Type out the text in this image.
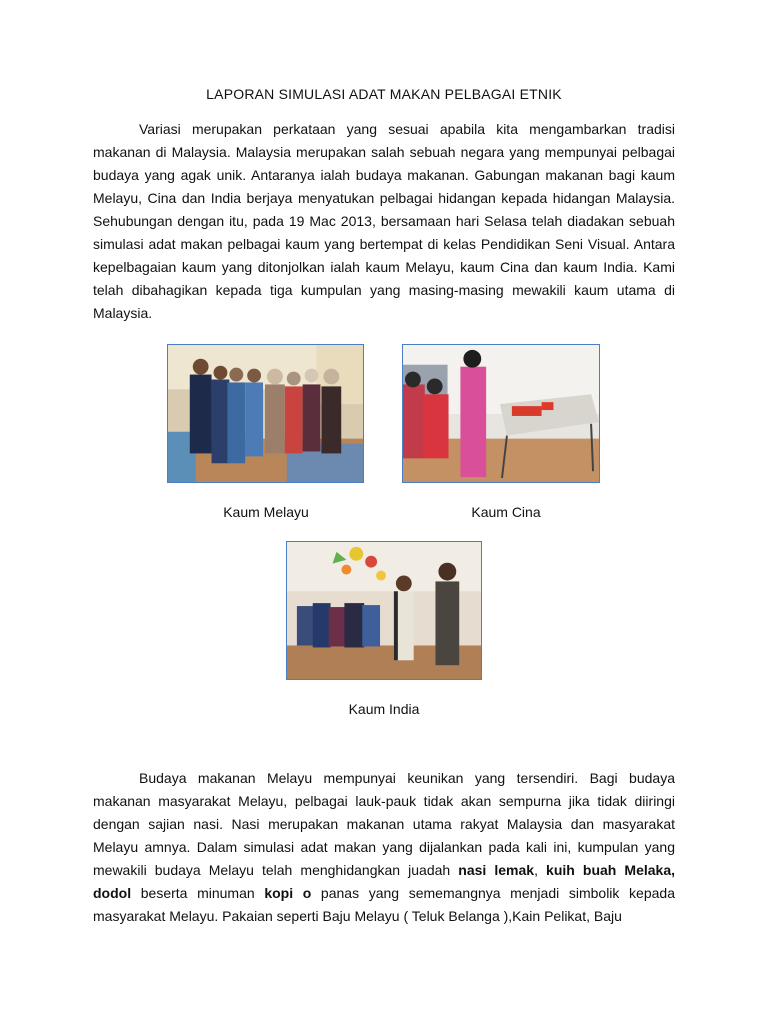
LAPORAN SIMULASI ADAT MAKAN PELBAGAI ETNIK

Variasi merupakan perkataan yang sesuai apabila kita mengambarkan tradisi makanan di Malaysia. Malaysia merupakan salah sebuah negara yang mempunyai pelbagai budaya yang agak unik. Antaranya ialah budaya makanan. Gabungan makanan bagi kaum Melayu, Cina dan India berjaya menyatukan pelbagai hidangan kepada hidangan Malaysia. Sehubungan dengan itu, pada 19 Mac 2013, bersamaan hari Selasa telah diadakan sebuah simulasi adat makan pelbagai kaum yang bertempat di kelas Pendidikan Seni Visual. Antara kepelbagaian kaum yang ditonjolkan ialah kaum Melayu, kaum Cina dan kaum India. Kami telah dibahagikan kepada tiga kumpulan yang masing-masing mewakili kaum utama di Malaysia.

Kaum Melayu	Kaum Cina
Kaum India

Budaya makanan Melayu mempunyai keunikan yang tersendiri. Bagi budaya makanan masyarakat Melayu, pelbagai lauk-pauk tidak akan sempurna jika tidak diiringi dengan sajian nasi. Nasi merupakan makanan utama rakyat Malaysia dan masyarakat Melayu amnya. Dalam simulasi adat makan yang dijalankan pada kali ini, kumpulan yang mewakili budaya Melayu telah menghidangkan juadah nasi lemak, kuih buah Melaka, dodol beserta minuman kopi o panas yang sememangnya menjadi simbolik kepada masyarakat Melayu. Pakaian seperti Baju Melayu ( Teluk Belanga ),Kain Pelikat, Baju
